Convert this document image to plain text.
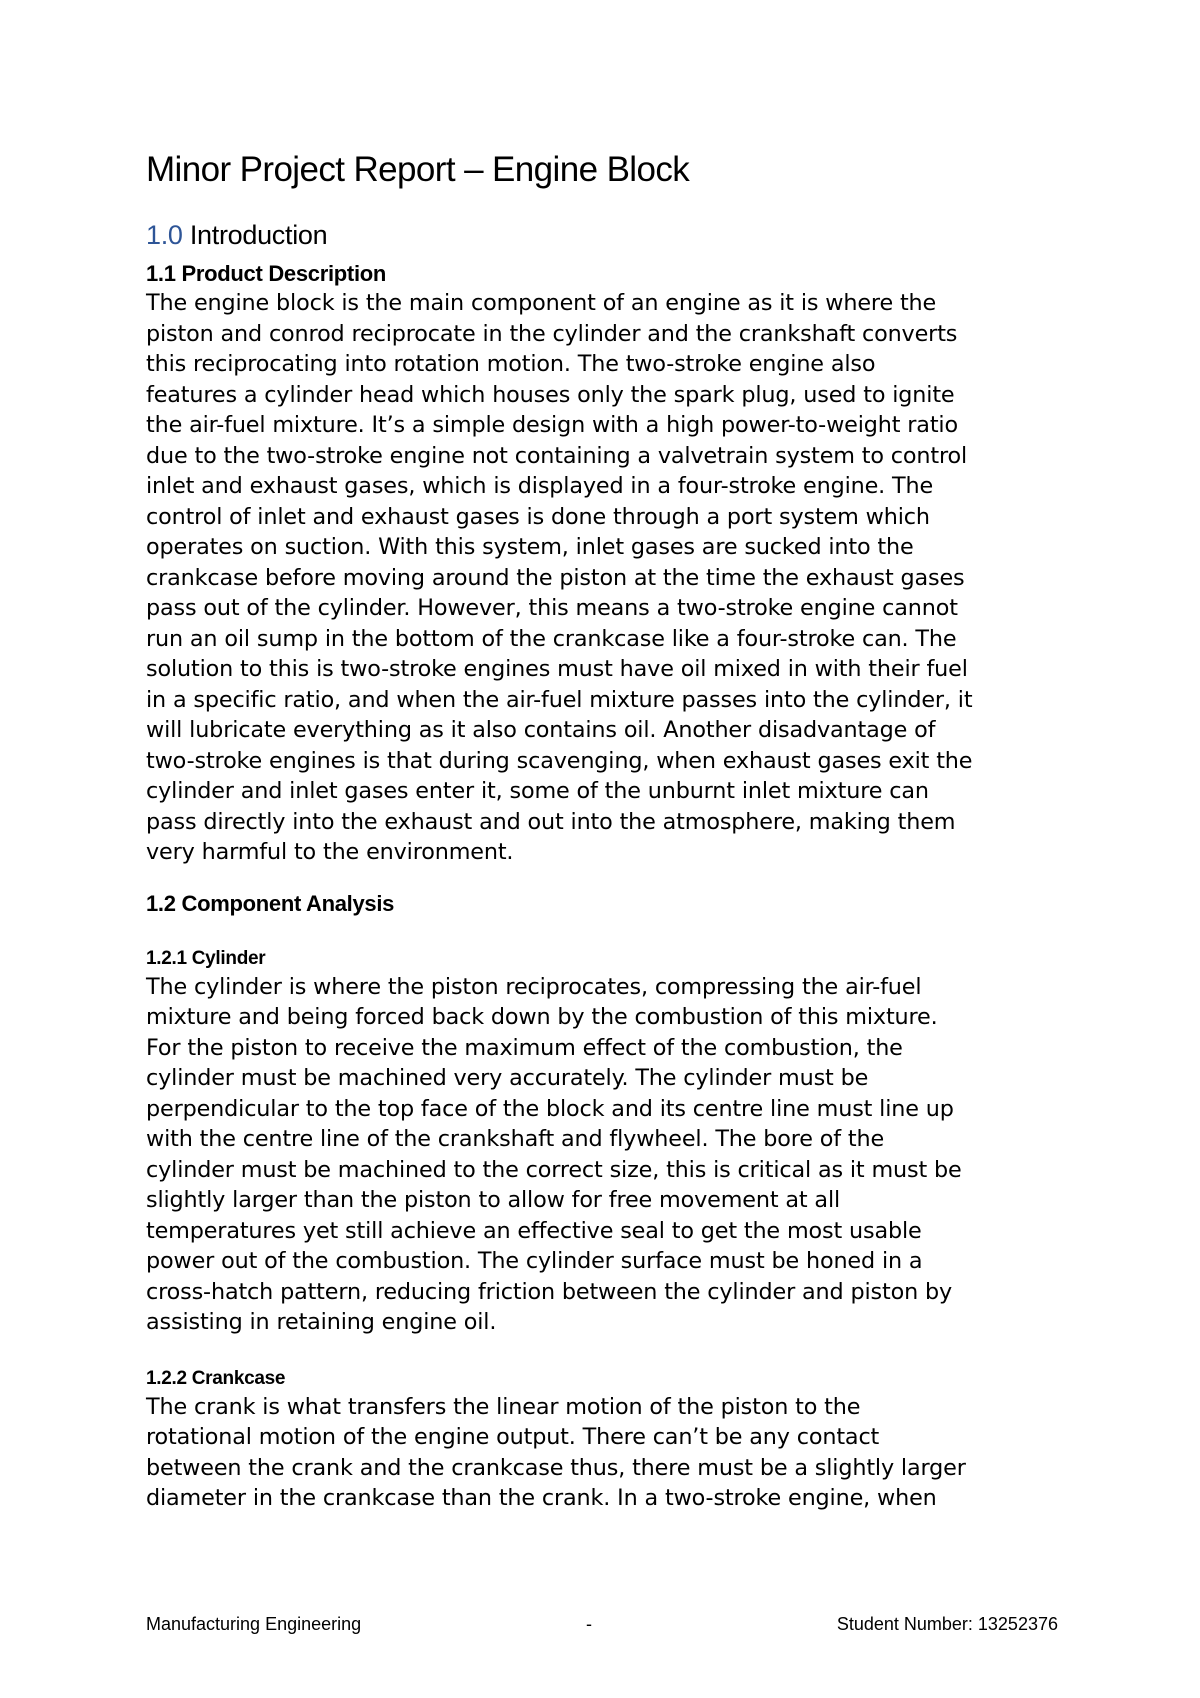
Minor Project Report – Engine Block
1.0 Introduction
1.1 Product Description

The engine block is the main component of an engine as it is where the
piston and conrod reciprocate in the cylinder and the crankshaft converts
this reciprocating into rotation motion. The two-stroke engine also
features a cylinder head which houses only the spark plug, used to ignite
the air-fuel mixture. It’s a simple design with a high power-to-weight ratio
due to the two-stroke engine not containing a valvetrain system to control
inlet and exhaust gases, which is displayed in a four-stroke engine. The
control of inlet and exhaust gases is done through a port system which
operates on suction. With this system, inlet gases are sucked into the
crankcase before moving around the piston at the time the exhaust gases
pass out of the cylinder. However, this means a two-stroke engine cannot
run an oil sump in the bottom of the crankcase like a four-stroke can. The
solution to this is two-stroke engines must have oil mixed in with their fuel
in a specific ratio, and when the air-fuel mixture passes into the cylinder, it
will lubricate everything as it also contains oil. Another disadvantage of
two-stroke engines is that during scavenging, when exhaust gases exit the
cylinder and inlet gases enter it, some of the unburnt inlet mixture can
pass directly into the exhaust and out into the atmosphere, making them
very harmful to the environment.

1.2 Component Analysis
1.2.1 Cylinder

The cylinder is where the piston reciprocates, compressing the air-fuel
mixture and being forced back down by the combustion of this mixture.
For the piston to receive the maximum effect of the combustion, the
cylinder must be machined very accurately. The cylinder must be
perpendicular to the top face of the block and its centre line must line up
with the centre line of the crankshaft and flywheel. The bore of the
cylinder must be machined to the correct size, this is critical as it must be
slightly larger than the piston to allow for free movement at all
temperatures yet still achieve an effective seal to get the most usable
power out of the combustion. The cylinder surface must be honed in a
cross-hatch pattern, reducing friction between the cylinder and piston by
assisting in retaining engine oil.

1.2.2 Crankcase

The crank is what transfers the linear motion of the piston to the
rotational motion of the engine output. There can’t be any contact
between the crank and the crankcase thus, there must be a slightly larger
diameter in the crankcase than the crank. In a two-stroke engine, when

Manufacturing Engineering	-	Student Number: 13252376
